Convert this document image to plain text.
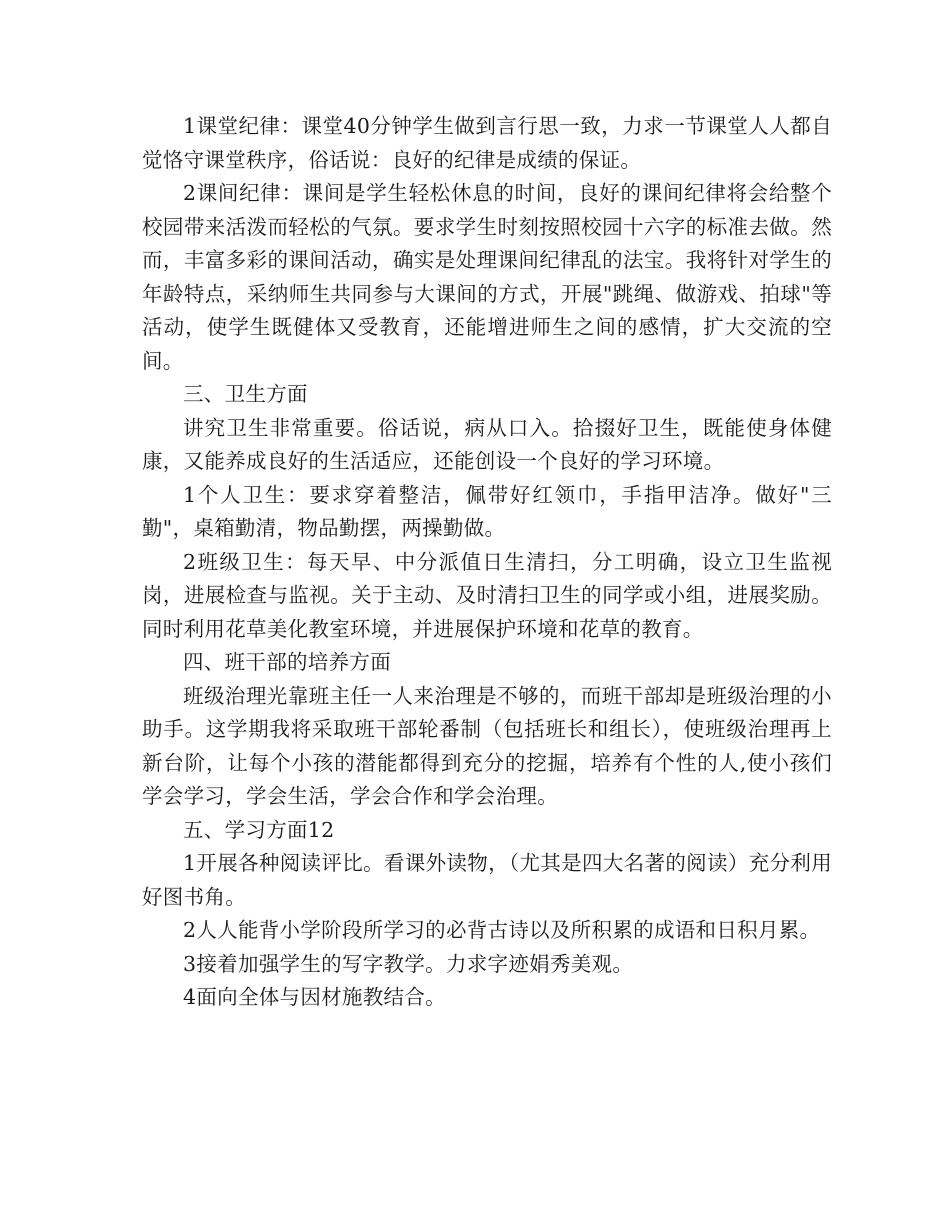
1课堂纪律：课堂40分钟学生做到言行思一致，力求一节课堂人人都自觉恪守课堂秩序，俗话说：良好的纪律是成绩的保证。

2课间纪律：课间是学生轻松休息的时间，良好的课间纪律将会给整个校园带来活泼而轻松的气氛。要求学生时刻按照校园十六字的标准去做。然而，丰富多彩的课间活动，确实是处理课间纪律乱的法宝。我将针对学生的年龄特点，采纳师生共同参与大课间的方式，开展"跳绳、做游戏、拍球"等活动，使学生既健体又受教育，还能增进师生之间的感情，扩大交流的空间。

三、卫生方面

讲究卫生非常重要。俗话说，病从口入。拾掇好卫生，既能使身体健康，又能养成良好的生活适应，还能创设一个良好的学习环境。

1个人卫生：要求穿着整洁，佩带好红领巾，手指甲洁净。做好"三勤"，桌箱勤清，物品勤摆，两操勤做。

2班级卫生：每天早、中分派值日生清扫，分工明确，设立卫生监视岗，进展检查与监视。关于主动、及时清扫卫生的同学或小组，进展奖励。同时利用花草美化教室环境，并进展保护环境和花草的教育。

四、班干部的培养方面

班级治理光靠班主任一人来治理是不够的，而班干部却是班级治理的小助手。这学期我将采取班干部轮番制（包括班长和组长），使班级治理再上新台阶，让每个小孩的潜能都得到充分的挖掘，培养有个性的人,使小孩们学会学习，学会生活，学会合作和学会治理。

五、学习方面12

1开展各种阅读评比。看课外读物，（尤其是四大名著的阅读）充分利用好图书角。

2人人能背小学阶段所学习的必背古诗以及所积累的成语和日积月累。

3接着加强学生的写字教学。力求字迹娟秀美观。

4面向全体与因材施教结合。
